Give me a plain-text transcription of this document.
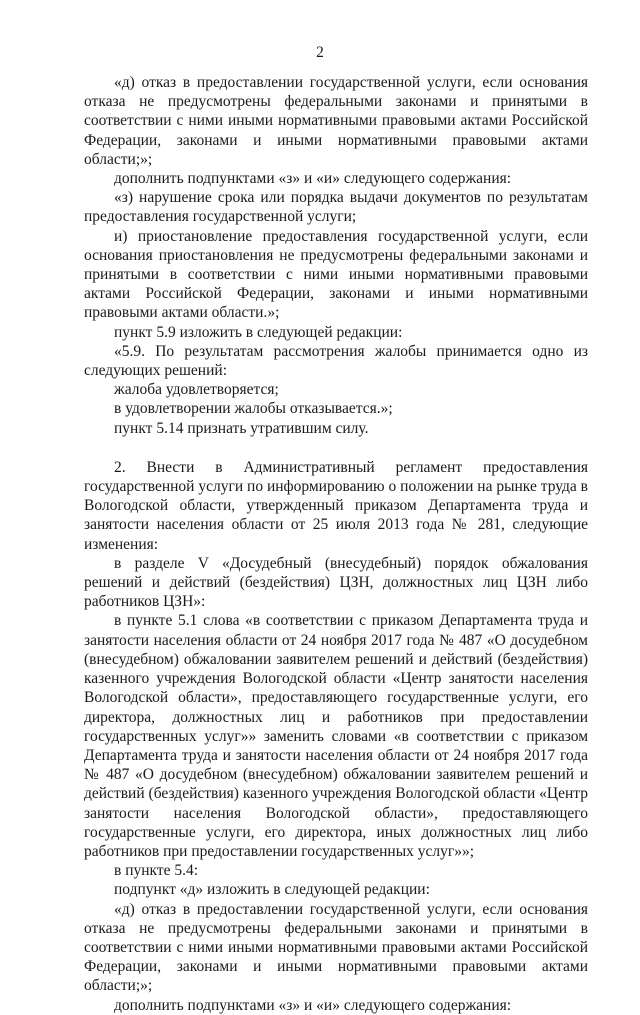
2

«д) отказ в предоставлении государственной услуги, если основания отказа не предусмотрены федеральными законами и принятыми в соответствии с ними иными нормативными правовыми актами Российской Федерации, законами и иными нормативными правовыми актами области;»;

дополнить подпунктами «з» и «и» следующего содержания:

«з) нарушение срока или порядка выдачи документов по результатам предоставления государственной услуги;

и) приостановление предоставления государственной услуги, если основания приостановления не предусмотрены федеральными законами и принятыми в соответствии с ними иными нормативными правовыми актами Российской Федерации, законами и иными нормативными правовыми актами области.»;

пункт 5.9 изложить в следующей редакции:

«5.9. По результатам рассмотрения жалобы принимается одно из следующих решений:

жалоба удовлетворяется;

в удовлетворении жалобы отказывается.»;

пункт 5.14 признать утратившим силу.

2. Внести в Административный регламент предоставления государственной услуги по информированию о положении на рынке труда в Вологодской области, утвержденный приказом Департамента труда и занятости населения области от 25 июля 2013 года № 281, следующие изменения:

в разделе V «Досудебный (внесудебный) порядок обжалования решений и действий (бездействия) ЦЗН, должностных лиц ЦЗН либо работников ЦЗН»:

в пункте 5.1 слова «в соответствии с приказом Департамента труда и занятости населения области от 24 ноября 2017 года № 487 «О досудебном (внесудебном) обжаловании заявителем решений и действий (бездействия) казенного учреждения Вологодской области «Центр занятости населения Вологодской области», предоставляющего государственные услуги, его директора, должностных лиц и работников при предоставлении государственных услуг»» заменить словами «в соответствии с приказом Департамента труда и занятости населения области от 24 ноября 2017 года № 487 «О досудебном (внесудебном) обжаловании заявителем решений и действий (бездействия) казенного учреждения Вологодской области «Центр занятости населения Вологодской области», предоставляющего государственные услуги, его директора, иных должностных лиц либо работников при предоставлении государственных услуг»»;

в пункте 5.4:

подпункт «д» изложить в следующей редакции:

«д) отказ в предоставлении государственной услуги, если основания отказа не предусмотрены федеральными законами и принятыми в соответствии с ними иными нормативными правовыми актами Российской Федерации, законами и иными нормативными правовыми актами области;»;

дополнить подпунктами «з» и «и» следующего содержания:
